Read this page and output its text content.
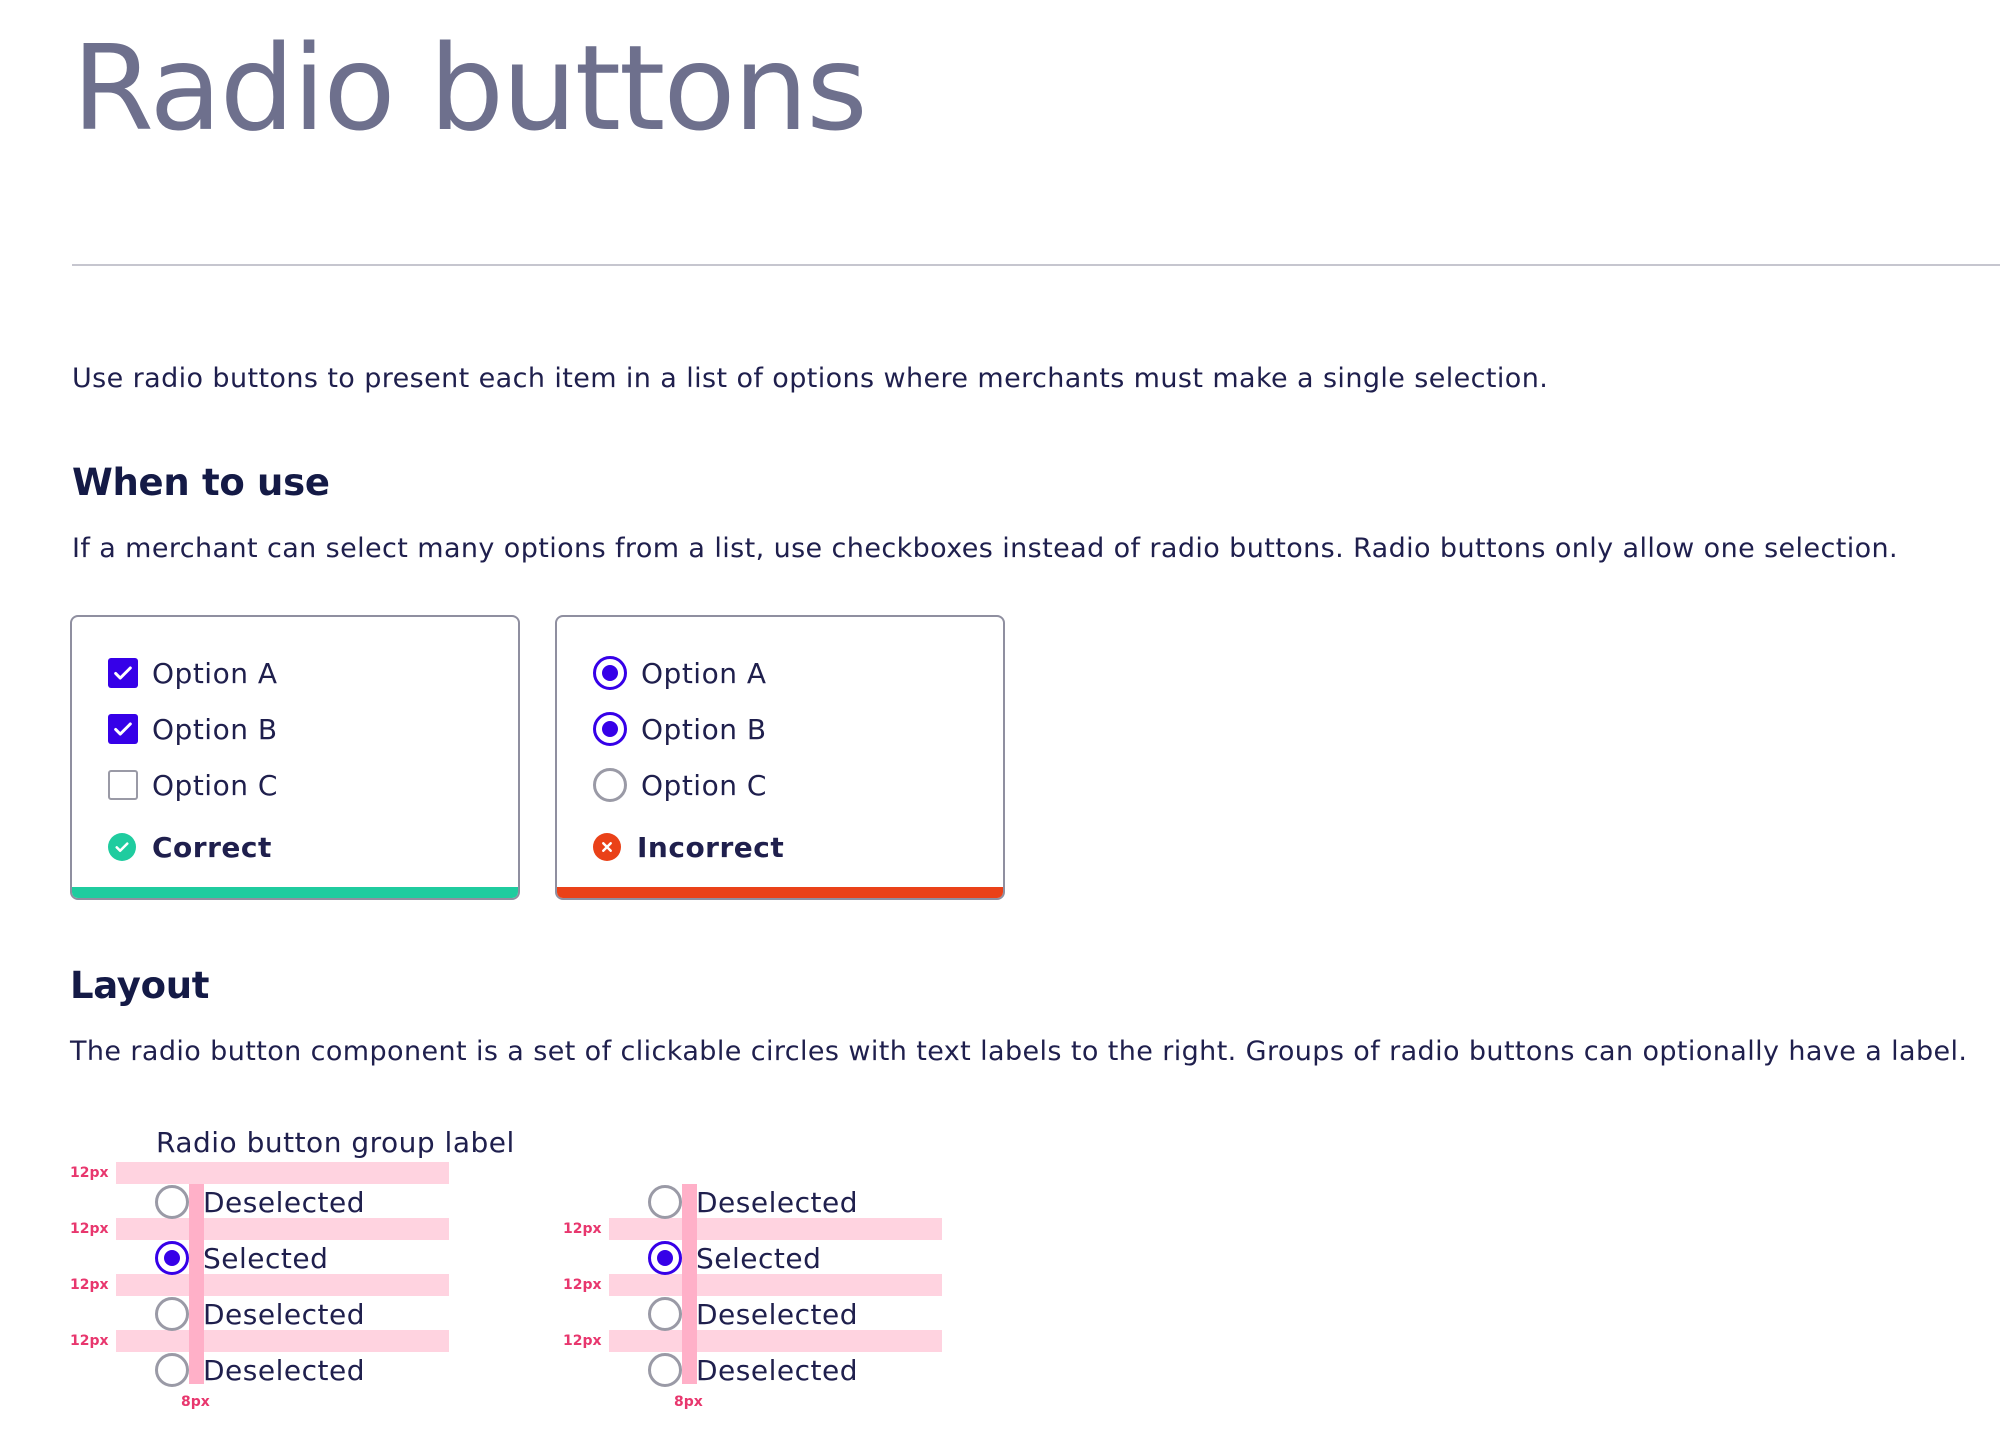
Radio buttons

Use radio buttons to present each item in a list of options where merchants must make a single selection.

When to use

If a merchant can select many options from a list, use checkboxes instead of radio buttons. Radio buttons only allow one selection.

Option A
Option B
Option C
Correct
Option A
Option B
Option C
Incorrect
Layout

The radio button component is a set of clickable circles with text labels to the right. Groups of radio buttons can optionally have a label.

12px
12px
12px
12px
8px
Radio button group label
Deselected
Selected
Deselected
Deselected
12px
12px
12px
8px
Deselected
Selected
Deselected
Deselected
